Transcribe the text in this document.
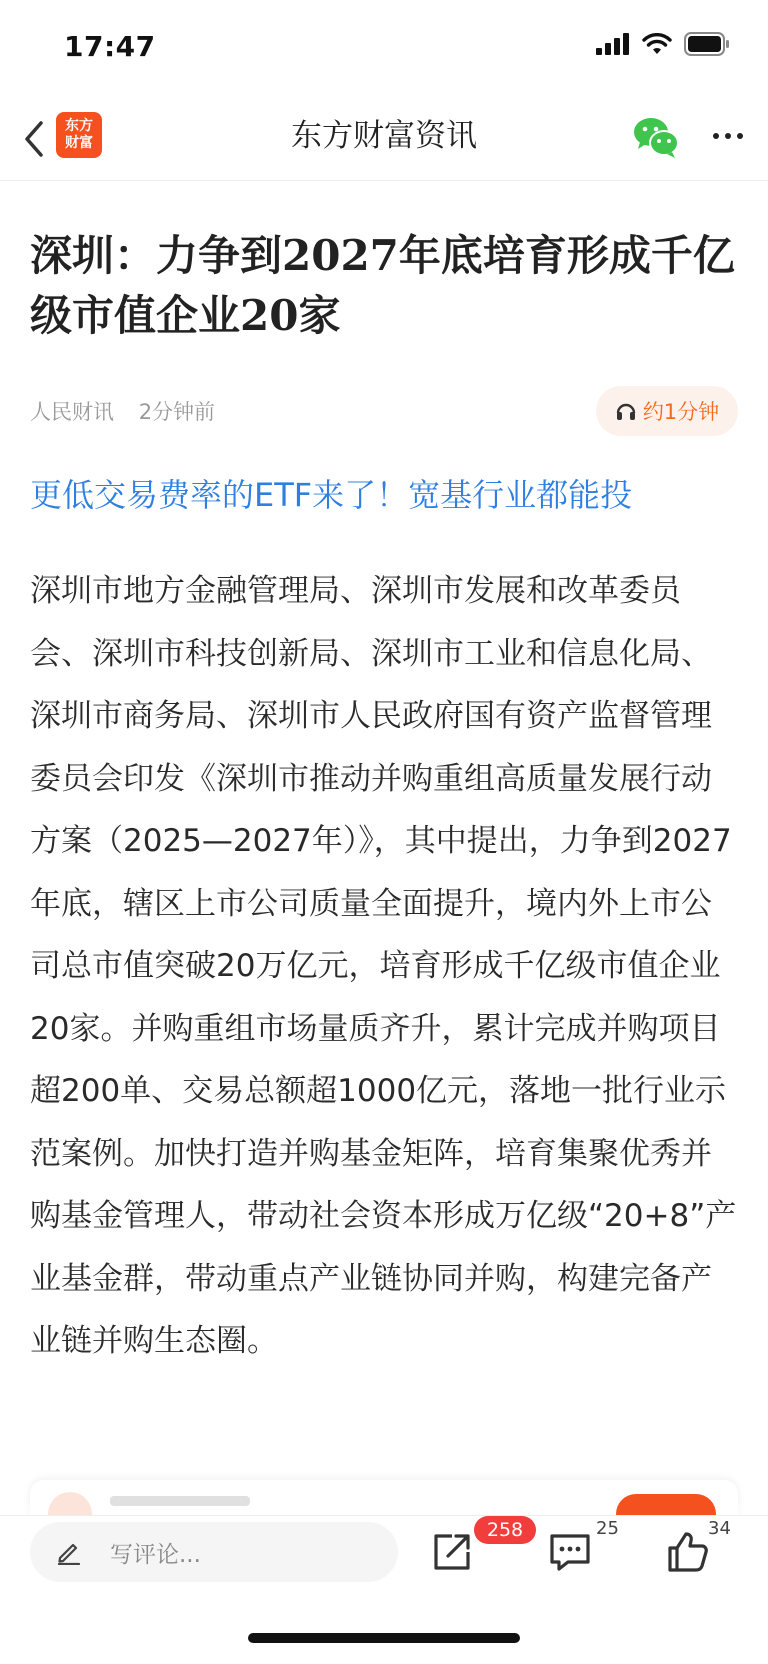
17:47
东方
财富	东方财富资讯
深圳：力争到2027年底培育形成千亿级市值企业20家
人民财讯 2分钟前	约1分钟
更低交易费率的ETF来了！宽基行业都能投

深圳市地方金融管理局、深圳市发展和改革委员会、深圳市科技创新局、深圳市工业和信息化局、深圳市商务局、深圳市人民政府国有资产监督管理委员会印发《深圳市推动并购重组高质量发展行动方案（2025—2027年）》，其中提出，力争到2027年底，辖区上市公司质量全面提升，境内外上市公司总市值突破20万亿元，培育形成千亿级市值企业20家。并购重组市场量质齐升，累计完成并购项目超200单、交易总额超1000亿元，落地一批行业示范案例。加快打造并购基金矩阵，培育集聚优秀并购基金管理人，带动社会资本形成万亿级“20+8”产业基金群，带动重点产业链协同并购，构建完备产业链并购生态圈。

写评论...
258	25	34
